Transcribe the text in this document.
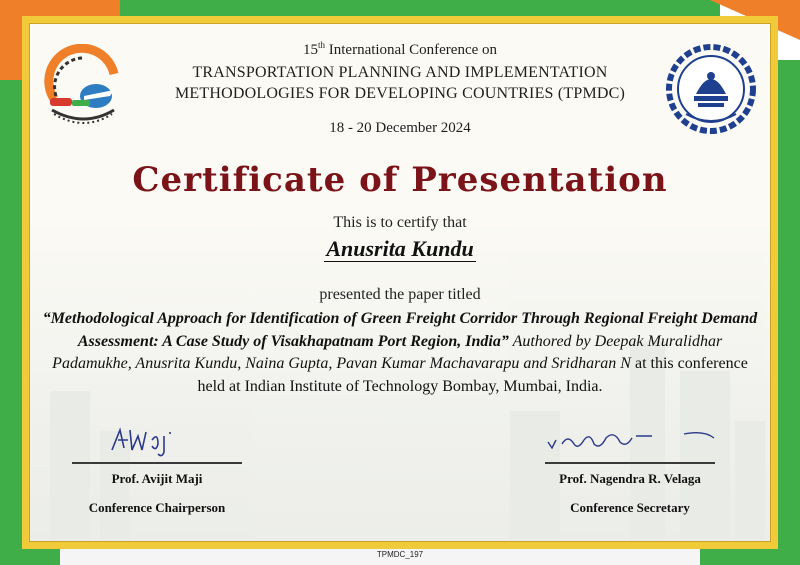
15th International Conference on
TRANSPORTATION PLANNING AND IMPLEMENTATION
METHODOLOGIES FOR DEVELOPING COUNTRIES (TPMDC)
18 - 20 December 2024
Certificate of Presentation
This is to certify that
Anusrita Kundu
presented the paper titled
“Methodological Approach for Identification of Green Freight Corridor Through Regional Freight Demand Assessment: A Case Study of Visakhapatnam Port Region, India” Authored by Deepak Muralidhar Padamukhe, Anusrita Kundu, Naina Gupta, Pavan Kumar Machavarapu and Sridharan N at this conference held at Indian Institute of Technology Bombay, Mumbai, India.
Prof. Avijit Maji
Conference Chairperson
Prof. Nagendra R. Velaga
Conference Secretary
TPMDC_197
